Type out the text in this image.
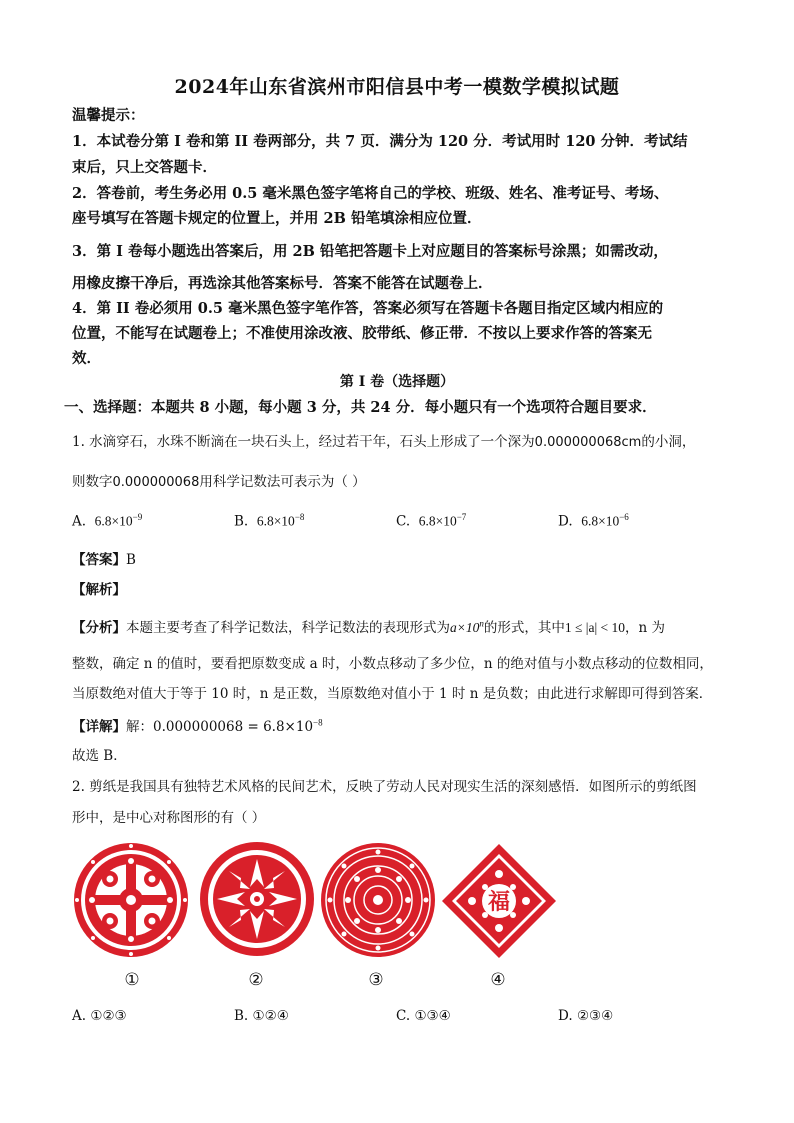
2024年山东省滨州市阳信县中考一模数学模拟试题
温馨提示：
1．本试卷分第 I 卷和第 II 卷两部分，共 7 页．满分为 120 分．考试用时 120 分钟．考试结
束后，只上交答题卡．
2．答卷前，考生务必用 0.5 毫米黑色签字笔将自己的学校、班级、姓名、准考证号、考场、
座号填写在答题卡规定的位置上，并用 2B 铅笔填涂相应位置．
3．第 I 卷每小题选出答案后，用 2B 铅笔把答题卡上对应题目的答案标号涂黑；如需改动，
用橡皮擦干净后，再选涂其他答案标号．答案不能答在试题卷上．
4．第 II 卷必须用 0.5 毫米黑色签字笔作答，答案必须写在答题卡各题目指定区域内相应的
位置，不能写在试题卷上；不准使用涂改液、胶带纸、修正带．不按以上要求作答的答案无
效．
第 I 卷（选择题）
一、选择题：本题共 8 小题，每小题 3 分，共 24 分．每小题只有一个选项符合题目要求．
1. 水滴穿石，水珠不断滴在一块石头上，经过若干年，石头上形成了一个深为0.000000068cm的小洞，
则数字0.000000068用科学记数法可表示为（ ）
A. $6.8\times 10^{-9}$	B. $6.8\times 10^{-8}$	C. $6.8\times 10^{-7}$	D. $6.8\times 10^{-6}$
【答案】B
【解析】
【分析】本题主要考查了科学记数法，科学记数法的表现形式为$a\times 10^n$的形式，其中1 ≤ |a| < 10，n 为
整数，确定 n 的值时，要看把原数变成 a 时，小数点移动了多少位，n 的绝对值与小数点移动的位数相同，
当原数绝对值大于等于 10 时，n 是正数，当原数绝对值小于 1 时 n 是负数；由此进行求解即可得到答案．
【详解】解：$0.000000068 = 6.8\times 10^{-8}$
故选 B．
2. 剪纸是我国具有独特艺术风格的民间艺术，反映了劳动人民对现实生活的深刻感悟．如图所示的剪纸图
形中，是中心对称图形的有（ ）
福
①	②	③	④
A. ①②③	B. ①②④	C. ①③④	D. ②③④
